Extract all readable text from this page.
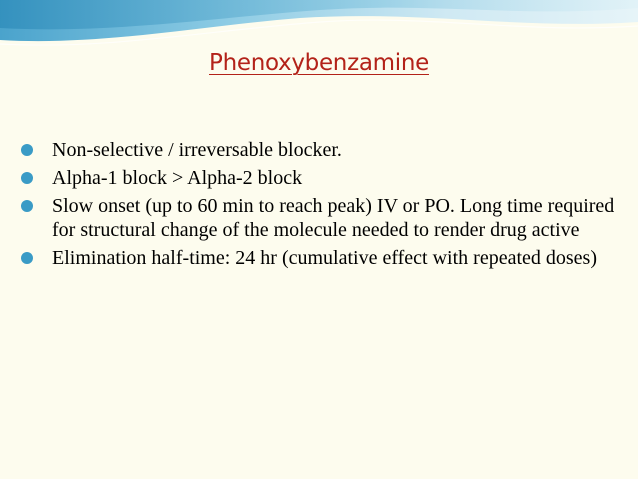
Phenoxybenzamine
Non-selective / irreversable blocker.
Alpha-1 block > Alpha-2 block
Slow onset (up to 60 min to reach peak) IV or PO. Long time required for structural change of the molecule needed to render drug active
Elimination half-time: 24 hr (cumulative effect with repeated doses)
